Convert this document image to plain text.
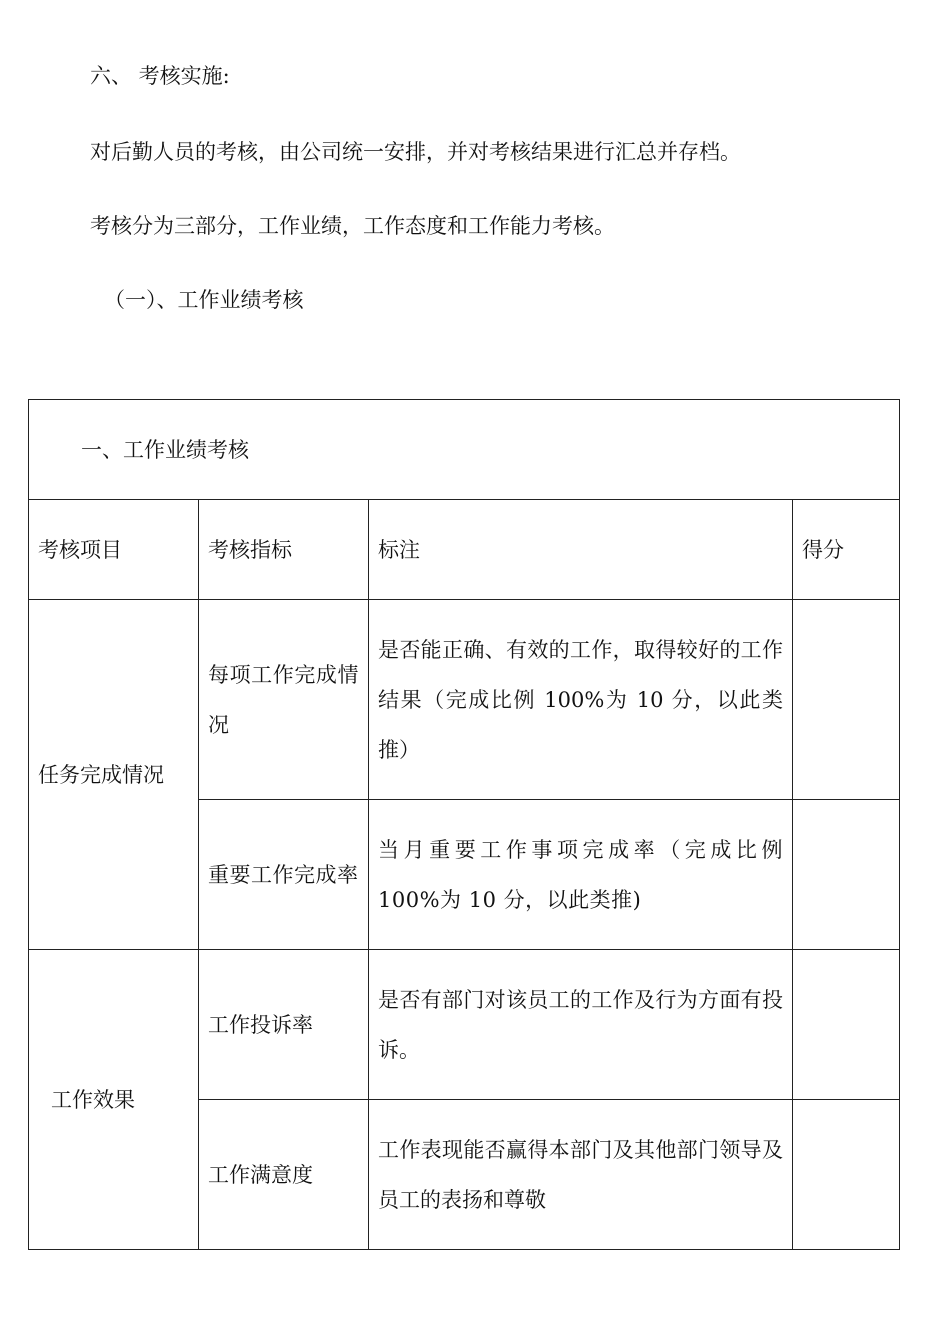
六、 考核实施:

对后勤人员的考核，由公司统一安排，并对考核结果进行汇总并存档。

考核分为三部分，工作业绩，工作态度和工作能力考核。

（一）、工作业绩考核

一、工作业绩考核			
考核项目	考核指标	标注	得分
任务完成情况	每项工作完成情况	是否能正确、有效的工作，取得较好的工作结果（完成比例 100%为 10 分，以此类推）	
	重要工作完成率	当月重要工作事项完成率（完成比例 100%为 10 分，以此类推)	
工作效果	工作投诉率	是否有部门对该员工的工作及行为方面有投诉。	
	工作满意度	工作表现能否赢得本部门及其他部门领导及员工的表扬和尊敬	
